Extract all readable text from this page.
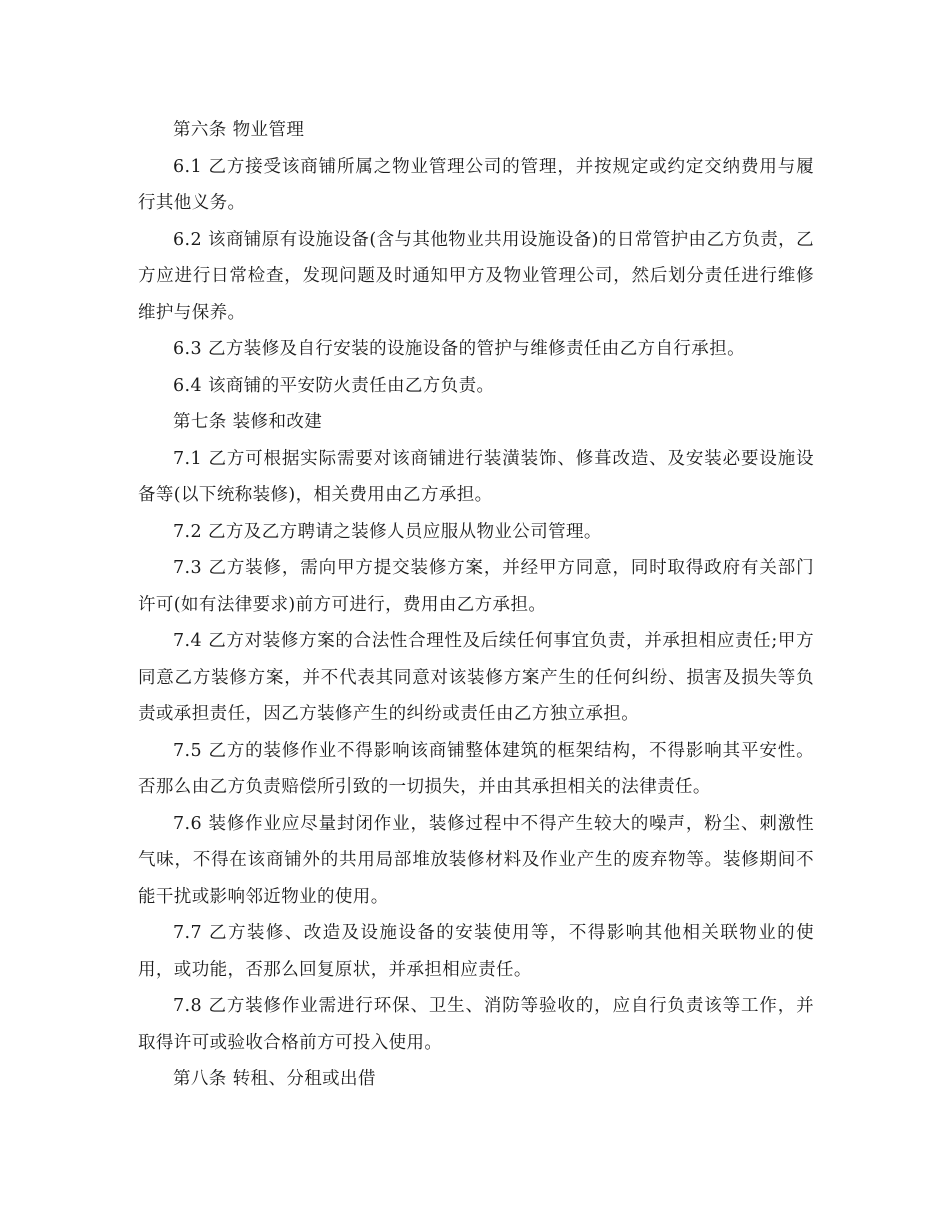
第六条 物业管理

6.1 乙方接受该商铺所属之物业管理公司的管理，并按规定或约定交纳费用与履行其他义务。

6.2 该商铺原有设施设备(含与其他物业共用设施设备)的日常管护由乙方负责，乙方应进行日常检查，发现问题及时通知甲方及物业管理公司，然后划分责任进行维修维护与保养。

6.3 乙方装修及自行安装的设施设备的管护与维修责任由乙方自行承担。

6.4 该商铺的平安防火责任由乙方负责。

第七条 装修和改建

7.1 乙方可根据实际需要对该商铺进行装潢装饰、修葺改造、及安装必要设施设备等(以下统称装修)，相关费用由乙方承担。

7.2 乙方及乙方聘请之装修人员应服从物业公司管理。

7.3 乙方装修，需向甲方提交装修方案，并经甲方同意，同时取得政府有关部门许可(如有法律要求)前方可进行，费用由乙方承担。

7.4 乙方对装修方案的合法性合理性及后续任何事宜负责，并承担相应责任;甲方同意乙方装修方案，并不代表其同意对该装修方案产生的任何纠纷、损害及损失等负责或承担责任，因乙方装修产生的纠纷或责任由乙方独立承担。

7.5 乙方的装修作业不得影响该商铺整体建筑的框架结构，不得影响其平安性。否那么由乙方负责赔偿所引致的一切损失，并由其承担相关的法律责任。

7.6 装修作业应尽量封闭作业，装修过程中不得产生较大的噪声，粉尘、刺激性气味，不得在该商铺外的共用局部堆放装修材料及作业产生的废弃物等。装修期间不能干扰或影响邻近物业的使用。

7.7 乙方装修、改造及设施设备的安装使用等，不得影响其他相关联物业的使用，或功能，否那么回复原状，并承担相应责任。

7.8 乙方装修作业需进行环保、卫生、消防等验收的，应自行负责该等工作，并取得许可或验收合格前方可投入使用。

第八条 转租、分租或出借
